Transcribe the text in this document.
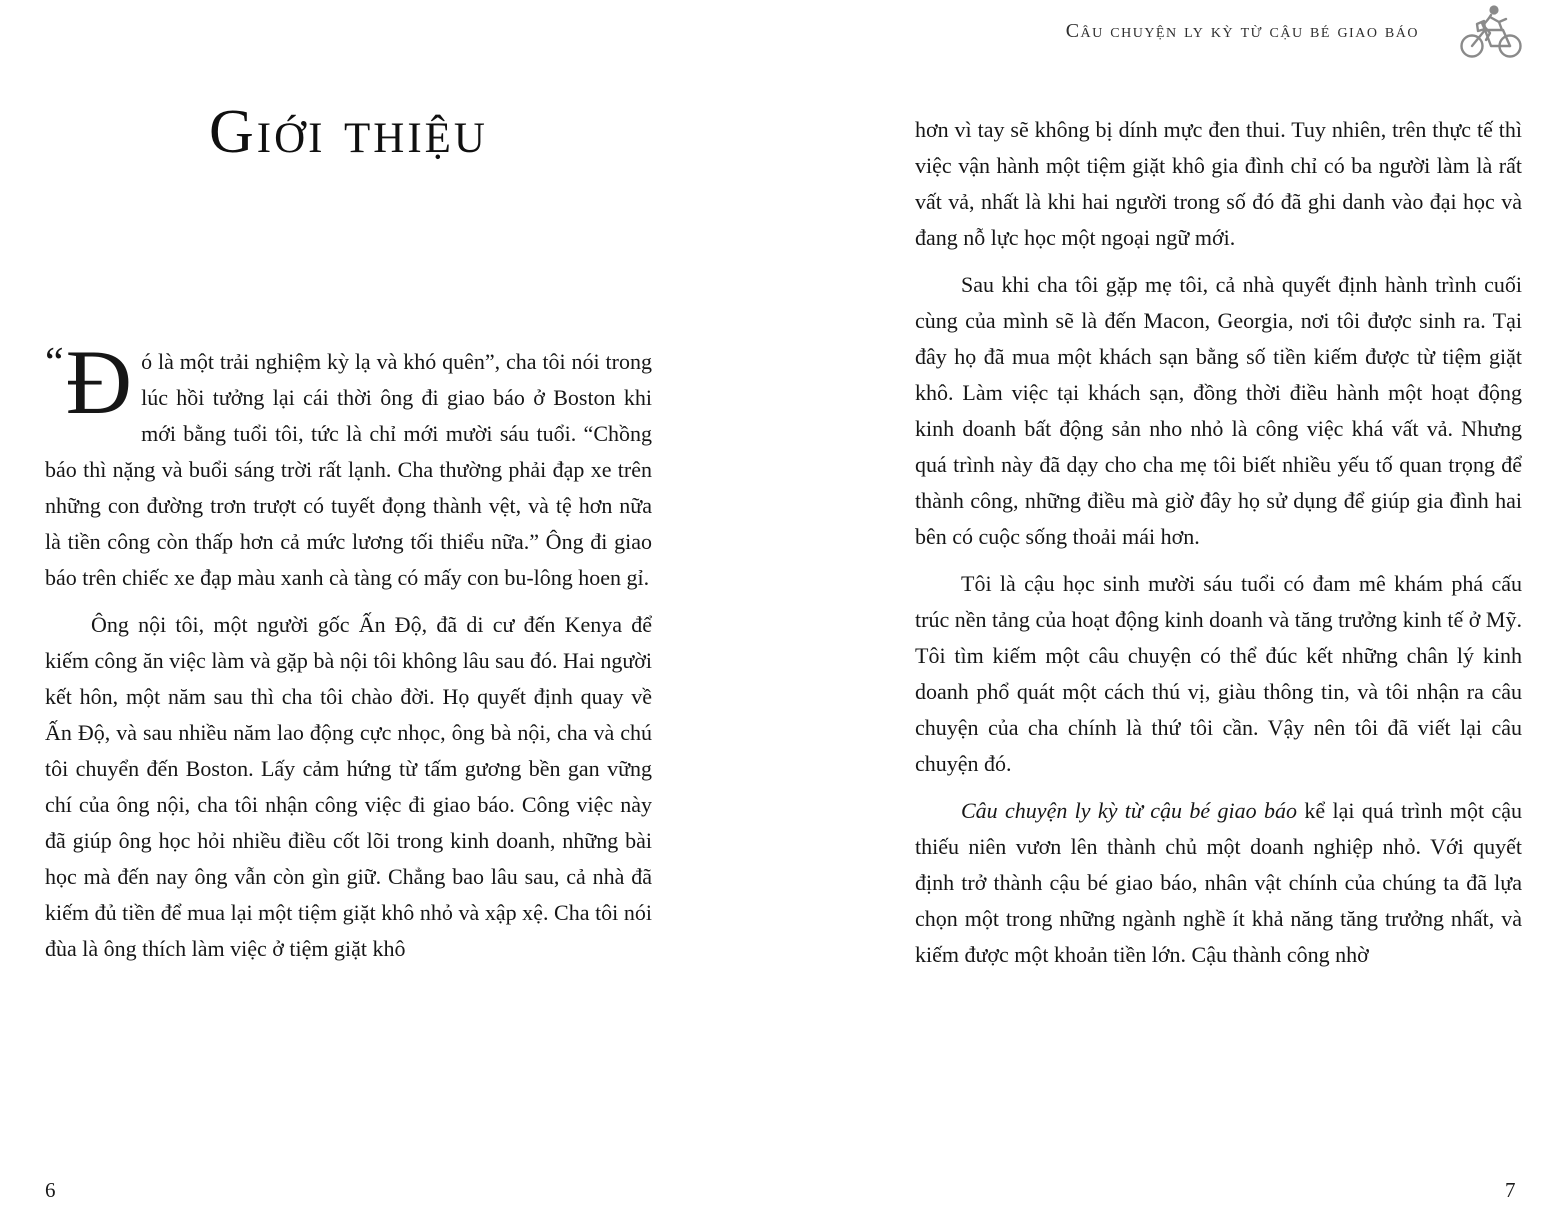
Câu chuyện ly kỳ từ cậu bé giao báo
Giới thiệu

“ Đ ó là một trải nghiệm kỳ lạ và khó quên”, cha tôi nói trong lúc hồi tưởng lại cái thời ông đi giao báo ở Boston khi mới bằng tuổi tôi, tức là chỉ mới mười sáu tuổi. “Chồng báo thì nặng và buổi sáng trời rất lạnh. Cha thường phải đạp xe trên những con đường trơn trượt có tuyết đọng thành vệt, và tệ hơn nữa là tiền công còn thấp hơn cả mức lương tối thiểu nữa.” Ông đi giao báo trên chiếc xe đạp màu xanh cà tàng có mấy con bu-lông hoen gỉ.

Ông nội tôi, một người gốc Ấn Độ, đã di cư đến Kenya để kiếm công ăn việc làm và gặp bà nội tôi không lâu sau đó. Hai người kết hôn, một năm sau thì cha tôi chào đời. Họ quyết định quay về Ấn Độ, và sau nhiều năm lao động cực nhọc, ông bà nội, cha và chú tôi chuyển đến Boston. Lấy cảm hứng từ tấm gương bền gan vững chí của ông nội, cha tôi nhận công việc đi giao báo. Công việc này đã giúp ông học hỏi nhiều điều cốt lõi trong kinh doanh, những bài học mà đến nay ông vẫn còn gìn giữ. Chẳng bao lâu sau, cả nhà đã kiếm đủ tiền để mua lại một tiệm giặt khô nhỏ và xập xệ. Cha tôi nói đùa là ông thích làm việc ở tiệm giặt khô

hơn vì tay sẽ không bị dính mực đen thui. Tuy nhiên, trên thực tế thì việc vận hành một tiệm giặt khô gia đình chỉ có ba người làm là rất vất vả, nhất là khi hai người trong số đó đã ghi danh vào đại học và đang nỗ lực học một ngoại ngữ mới.

Sau khi cha tôi gặp mẹ tôi, cả nhà quyết định hành trình cuối cùng của mình sẽ là đến Macon, Georgia, nơi tôi được sinh ra. Tại đây họ đã mua một khách sạn bằng số tiền kiếm được từ tiệm giặt khô. Làm việc tại khách sạn, đồng thời điều hành một hoạt động kinh doanh bất động sản nho nhỏ là công việc khá vất vả. Nhưng quá trình này đã dạy cho cha mẹ tôi biết nhiều yếu tố quan trọng để thành công, những điều mà giờ đây họ sử dụng để giúp gia đình hai bên có cuộc sống thoải mái hơn.

Tôi là cậu học sinh mười sáu tuổi có đam mê khám phá cấu trúc nền tảng của hoạt động kinh doanh và tăng trưởng kinh tế ở Mỹ. Tôi tìm kiếm một câu chuyện có thể đúc kết những chân lý kinh doanh phổ quát một cách thú vị, giàu thông tin, và tôi nhận ra câu chuyện của cha chính là thứ tôi cần. Vậy nên tôi đã viết lại câu chuyện đó.

Câu chuyện ly kỳ từ cậu bé giao báo kể lại quá trình một cậu thiếu niên vươn lên thành chủ một doanh nghiệp nhỏ. Với quyết định trở thành cậu bé giao báo, nhân vật chính của chúng ta đã lựa chọn một trong những ngành nghề ít khả năng tăng trưởng nhất, và kiếm được một khoản tiền lớn. Cậu thành công nhờ

6	7
